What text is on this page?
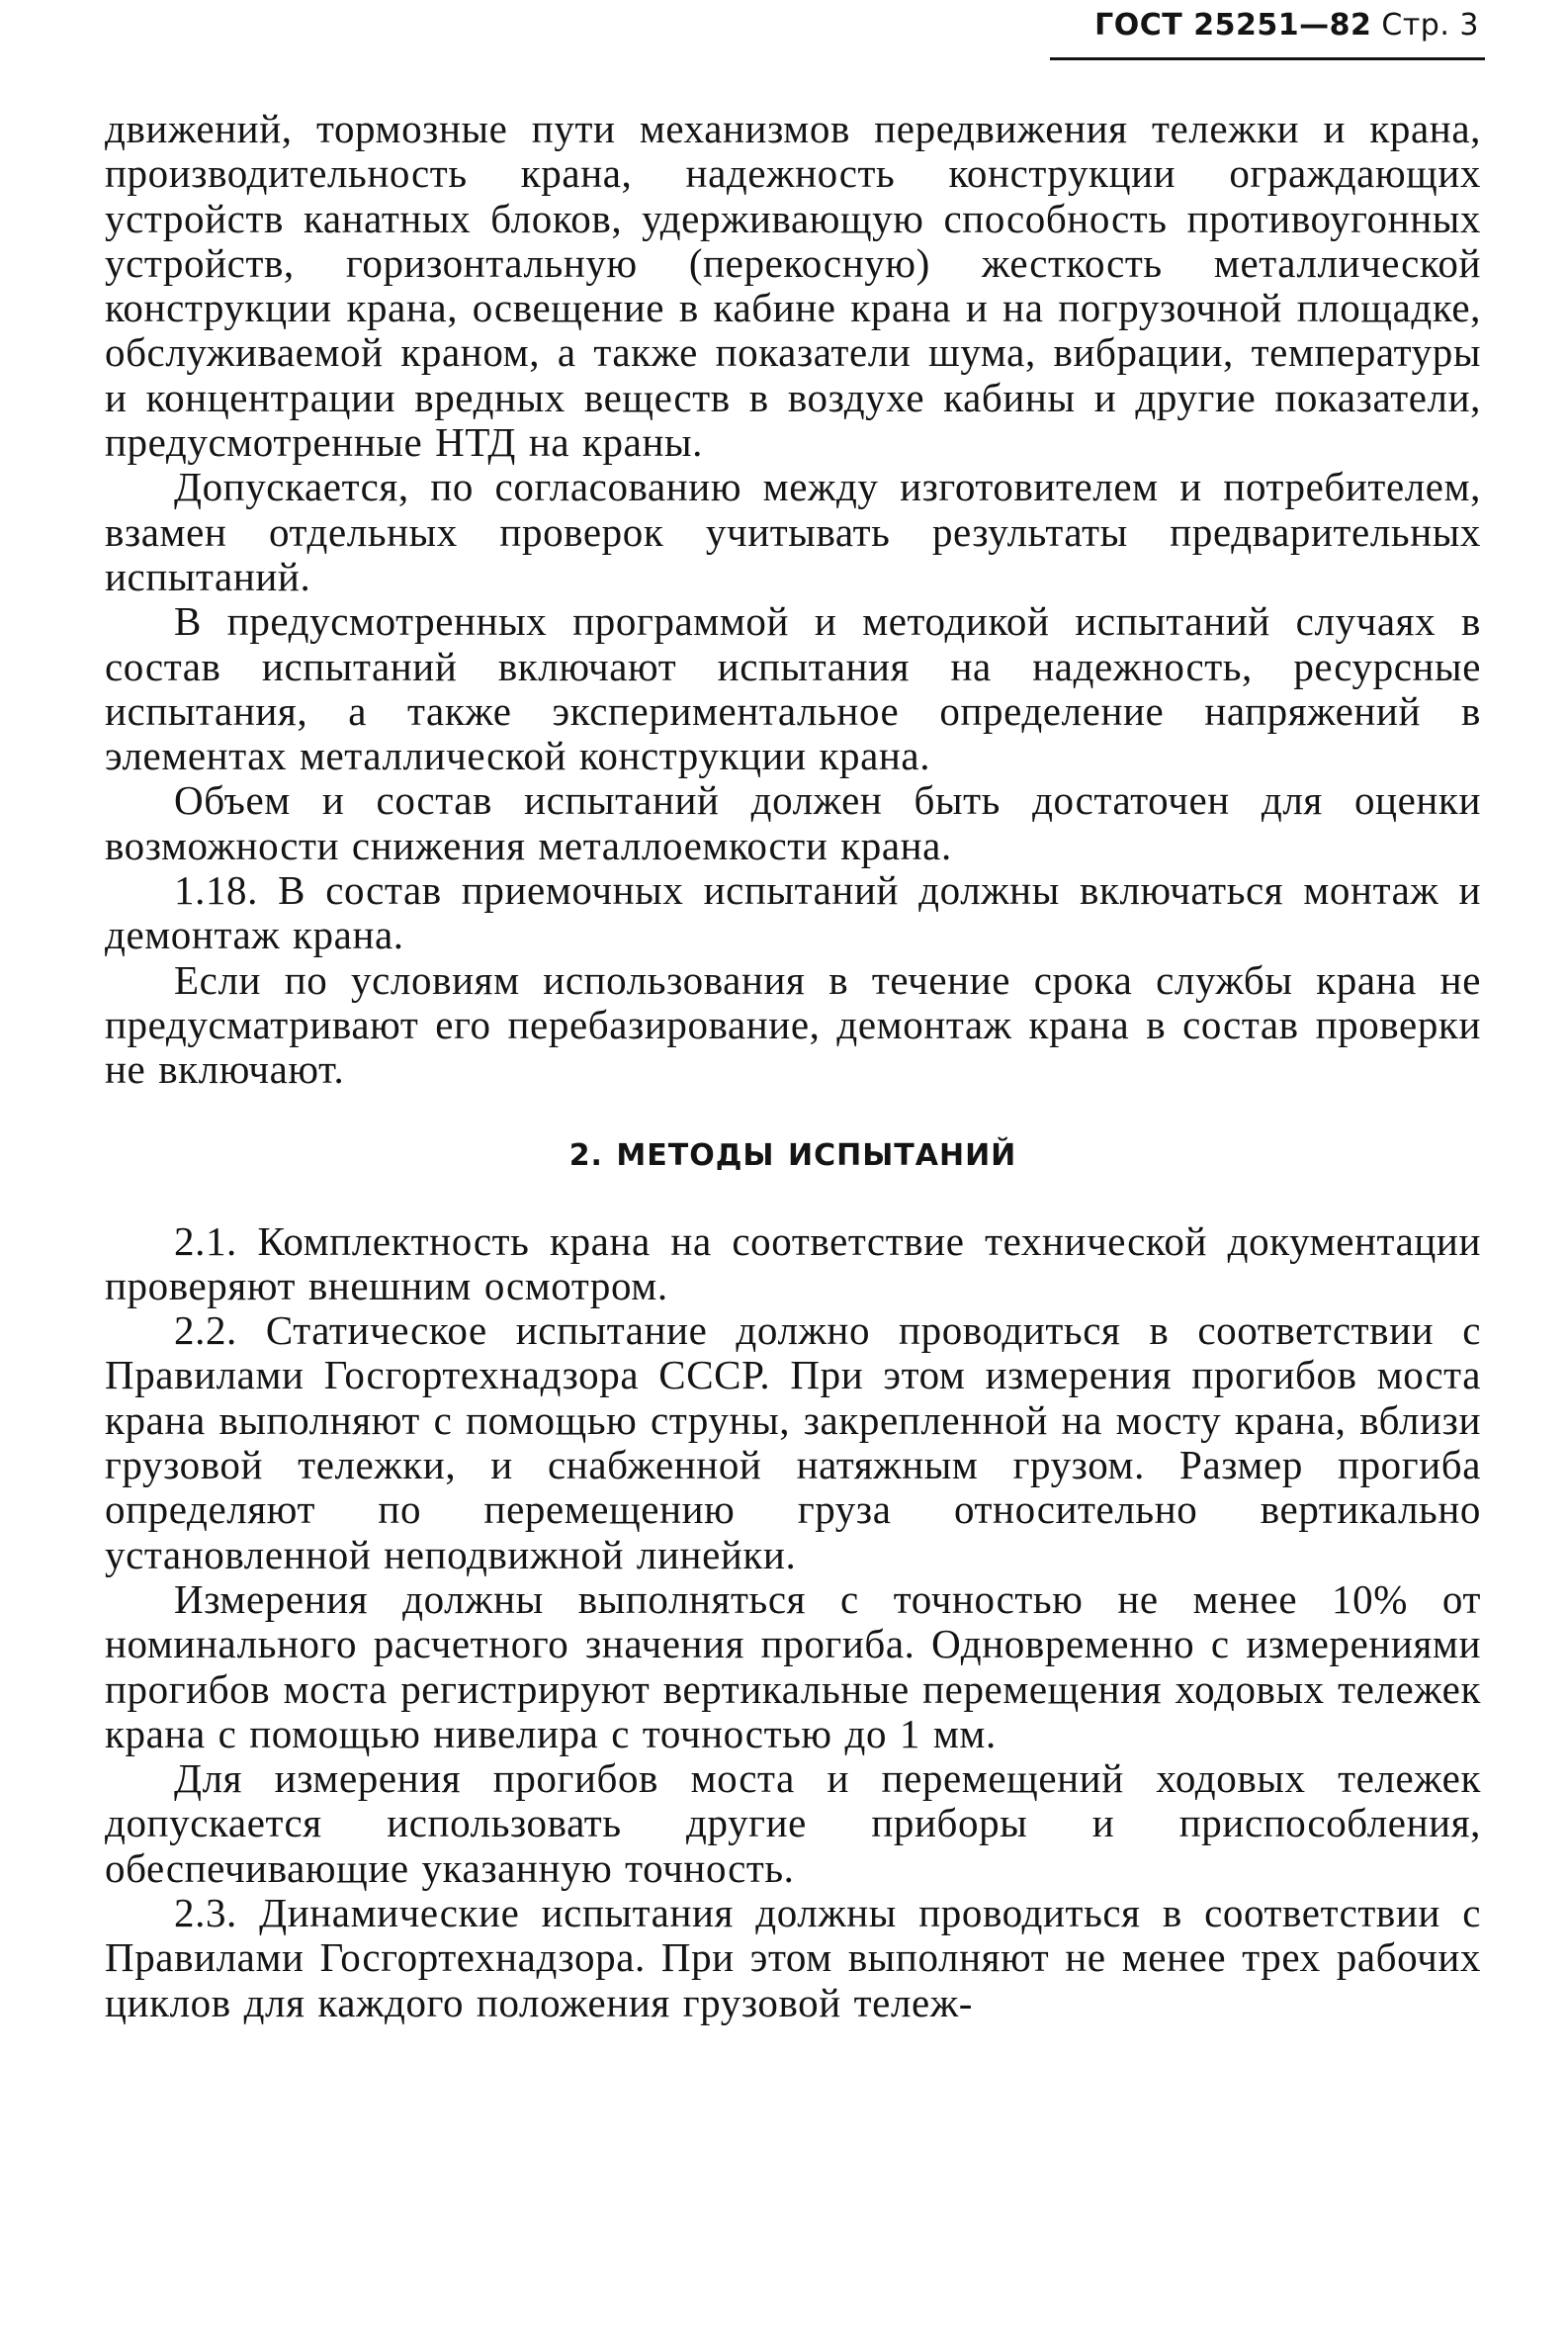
ГОСТ 25251—82 Стр. 3

движений, тормозные пути механизмов передвижения тележки и крана, производительность крана, надежность конструкции ограждающих устройств канатных блоков, удерживающую способность противоугонных устройств, горизонтальную (перекосную) жесткость металлической конструкции крана, освещение в кабине крана и на погрузочной площадке, обслуживаемой краном, а также показатели шума, вибрации, температуры и концентрации вредных веществ в воздухе кабины и другие показатели, предусмотренные НТД на краны.

Допускается, по согласованию между изготовителем и потребителем, взамен отдельных проверок учитывать результаты предварительных испытаний.

В предусмотренных программой и методикой испытаний случаях в состав испытаний включают испытания на надежность, ресурсные испытания, а также экспериментальное определение напряжений в элементах металлической конструкции крана.

Объем и состав испытаний должен быть достаточен для оценки возможности снижения металлоемкости крана.

1.18. В состав приемочных испытаний должны включаться монтаж и демонтаж крана.

Если по условиям использования в течение срока службы крана не предусматривают его перебазирование, демонтаж крана в состав проверки не включают.

2. МЕТОДЫ ИСПЫТАНИЙ

2.1. Комплектность крана на соответствие технической документации проверяют внешним осмотром.

2.2. Статическое испытание должно проводиться в соответствии с Правилами Госгортехнадзора СССР. При этом измерения прогибов моста крана выполняют с помощью струны, закрепленной на мосту крана, вблизи грузовой тележки, и снабженной натяжным грузом. Размер прогиба определяют по перемещению груза относительно вертикально установленной неподвижной линейки.

Измерения должны выполняться с точностью не менее 10% от номинального расчетного значения прогиба. Одновременно с измерениями прогибов моста регистрируют вертикальные перемещения ходовых тележек крана с помощью нивелира с точностью до 1 мм.

Для измерения прогибов моста и перемещений ходовых тележек допускается использовать другие приборы и приспособления, обеспечивающие указанную точность.

2.3. Динамические испытания должны проводиться в соответствии с Правилами Госгортехнадзора. При этом выполняют не менее трех рабочих циклов для каждого положения грузовой тележ-
